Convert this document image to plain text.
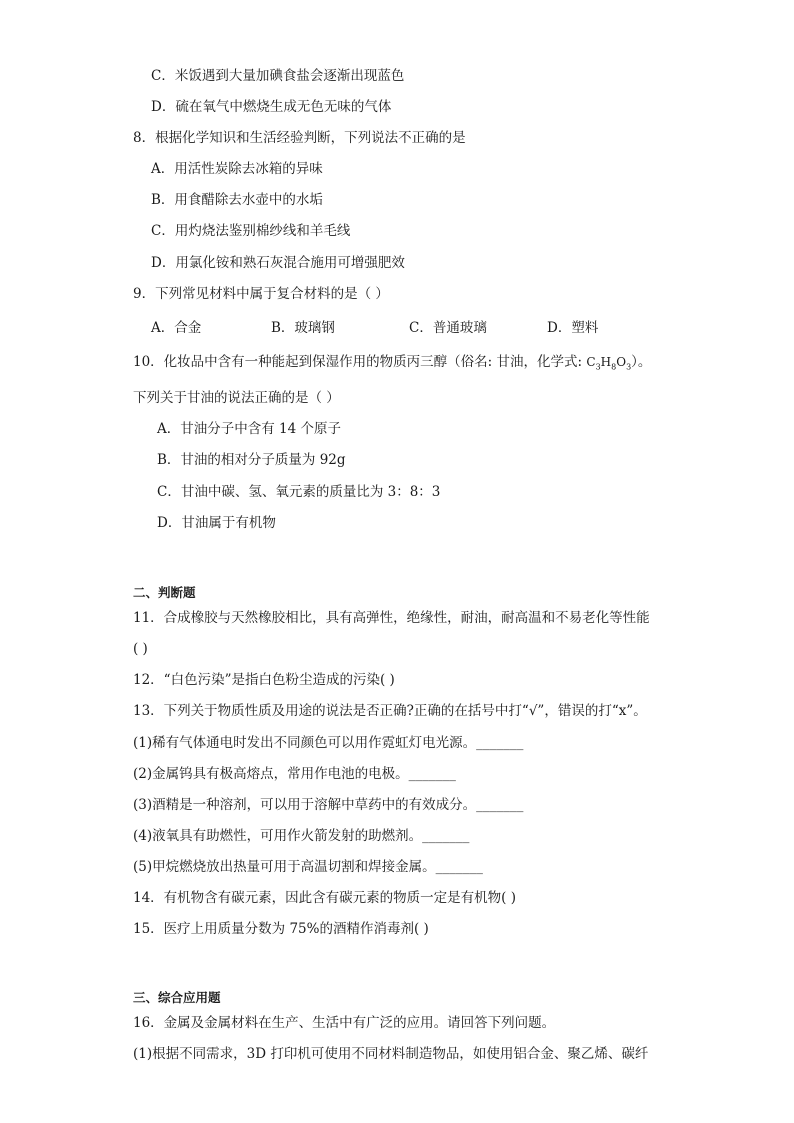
C．米饭遇到大量加碘食盐会逐渐出现蓝色
D．硫在氧气中燃烧生成无色无味的气体
8．根据化学知识和生活经验判断，下列说法不正确的是
A．用活性炭除去冰箱的异味
B．用食醋除去水壶中的水垢
C．用灼烧法鉴别棉纱线和羊毛线
D．用氯化铵和熟石灰混合施用可增强肥效
9．下列常见材料中属于复合材料的是（ ）
A．合金	B．玻璃钢	C．普通玻璃	D．塑料
10．化妆品中含有一种能起到保湿作用的物质丙三醇（俗名: 甘油，化学式: $C_3H_8O_3$）。
下列关于甘油的说法正确的是（ ）
A．甘油分子中含有 14 个原子
B．甘油的相对分子质量为 92g
C．甘油中碳、氢、氧元素的质量比为 3：8：3
D．甘油属于有机物
二、判断题
11．合成橡胶与天然橡胶相比，具有高弹性，绝缘性，耐油，耐高温和不易老化等性能
( )
12．“白色污染”是指白色粉尘造成的污染( )
13．下列关于物质性质及用途的说法是否正确?正确的在括号中打“√”，错误的打“x”。
(1)稀有气体通电时发出不同颜色可以用作霓虹灯电光源。_______
(2)金属钨具有极高熔点，常用作电池的电极。_______
(3)酒精是一种溶剂，可以用于溶解中草药中的有效成分。_______
(4)液氧具有助燃性，可用作火箭发射的助燃剂。_______
(5)甲烷燃烧放出热量可用于高温切割和焊接金属。_______
14．有机物含有碳元素，因此含有碳元素的物质一定是有机物( )
15．医疗上用质量分数为 75%的酒精作消毒剂( )
三、综合应用题
16．金属及金属材料在生产、生活中有广泛的应用。请回答下列问题。
(1)根据不同需求，3D 打印机可使用不同材料制造物品，如使用铝合金、聚乙烯、碳纤
